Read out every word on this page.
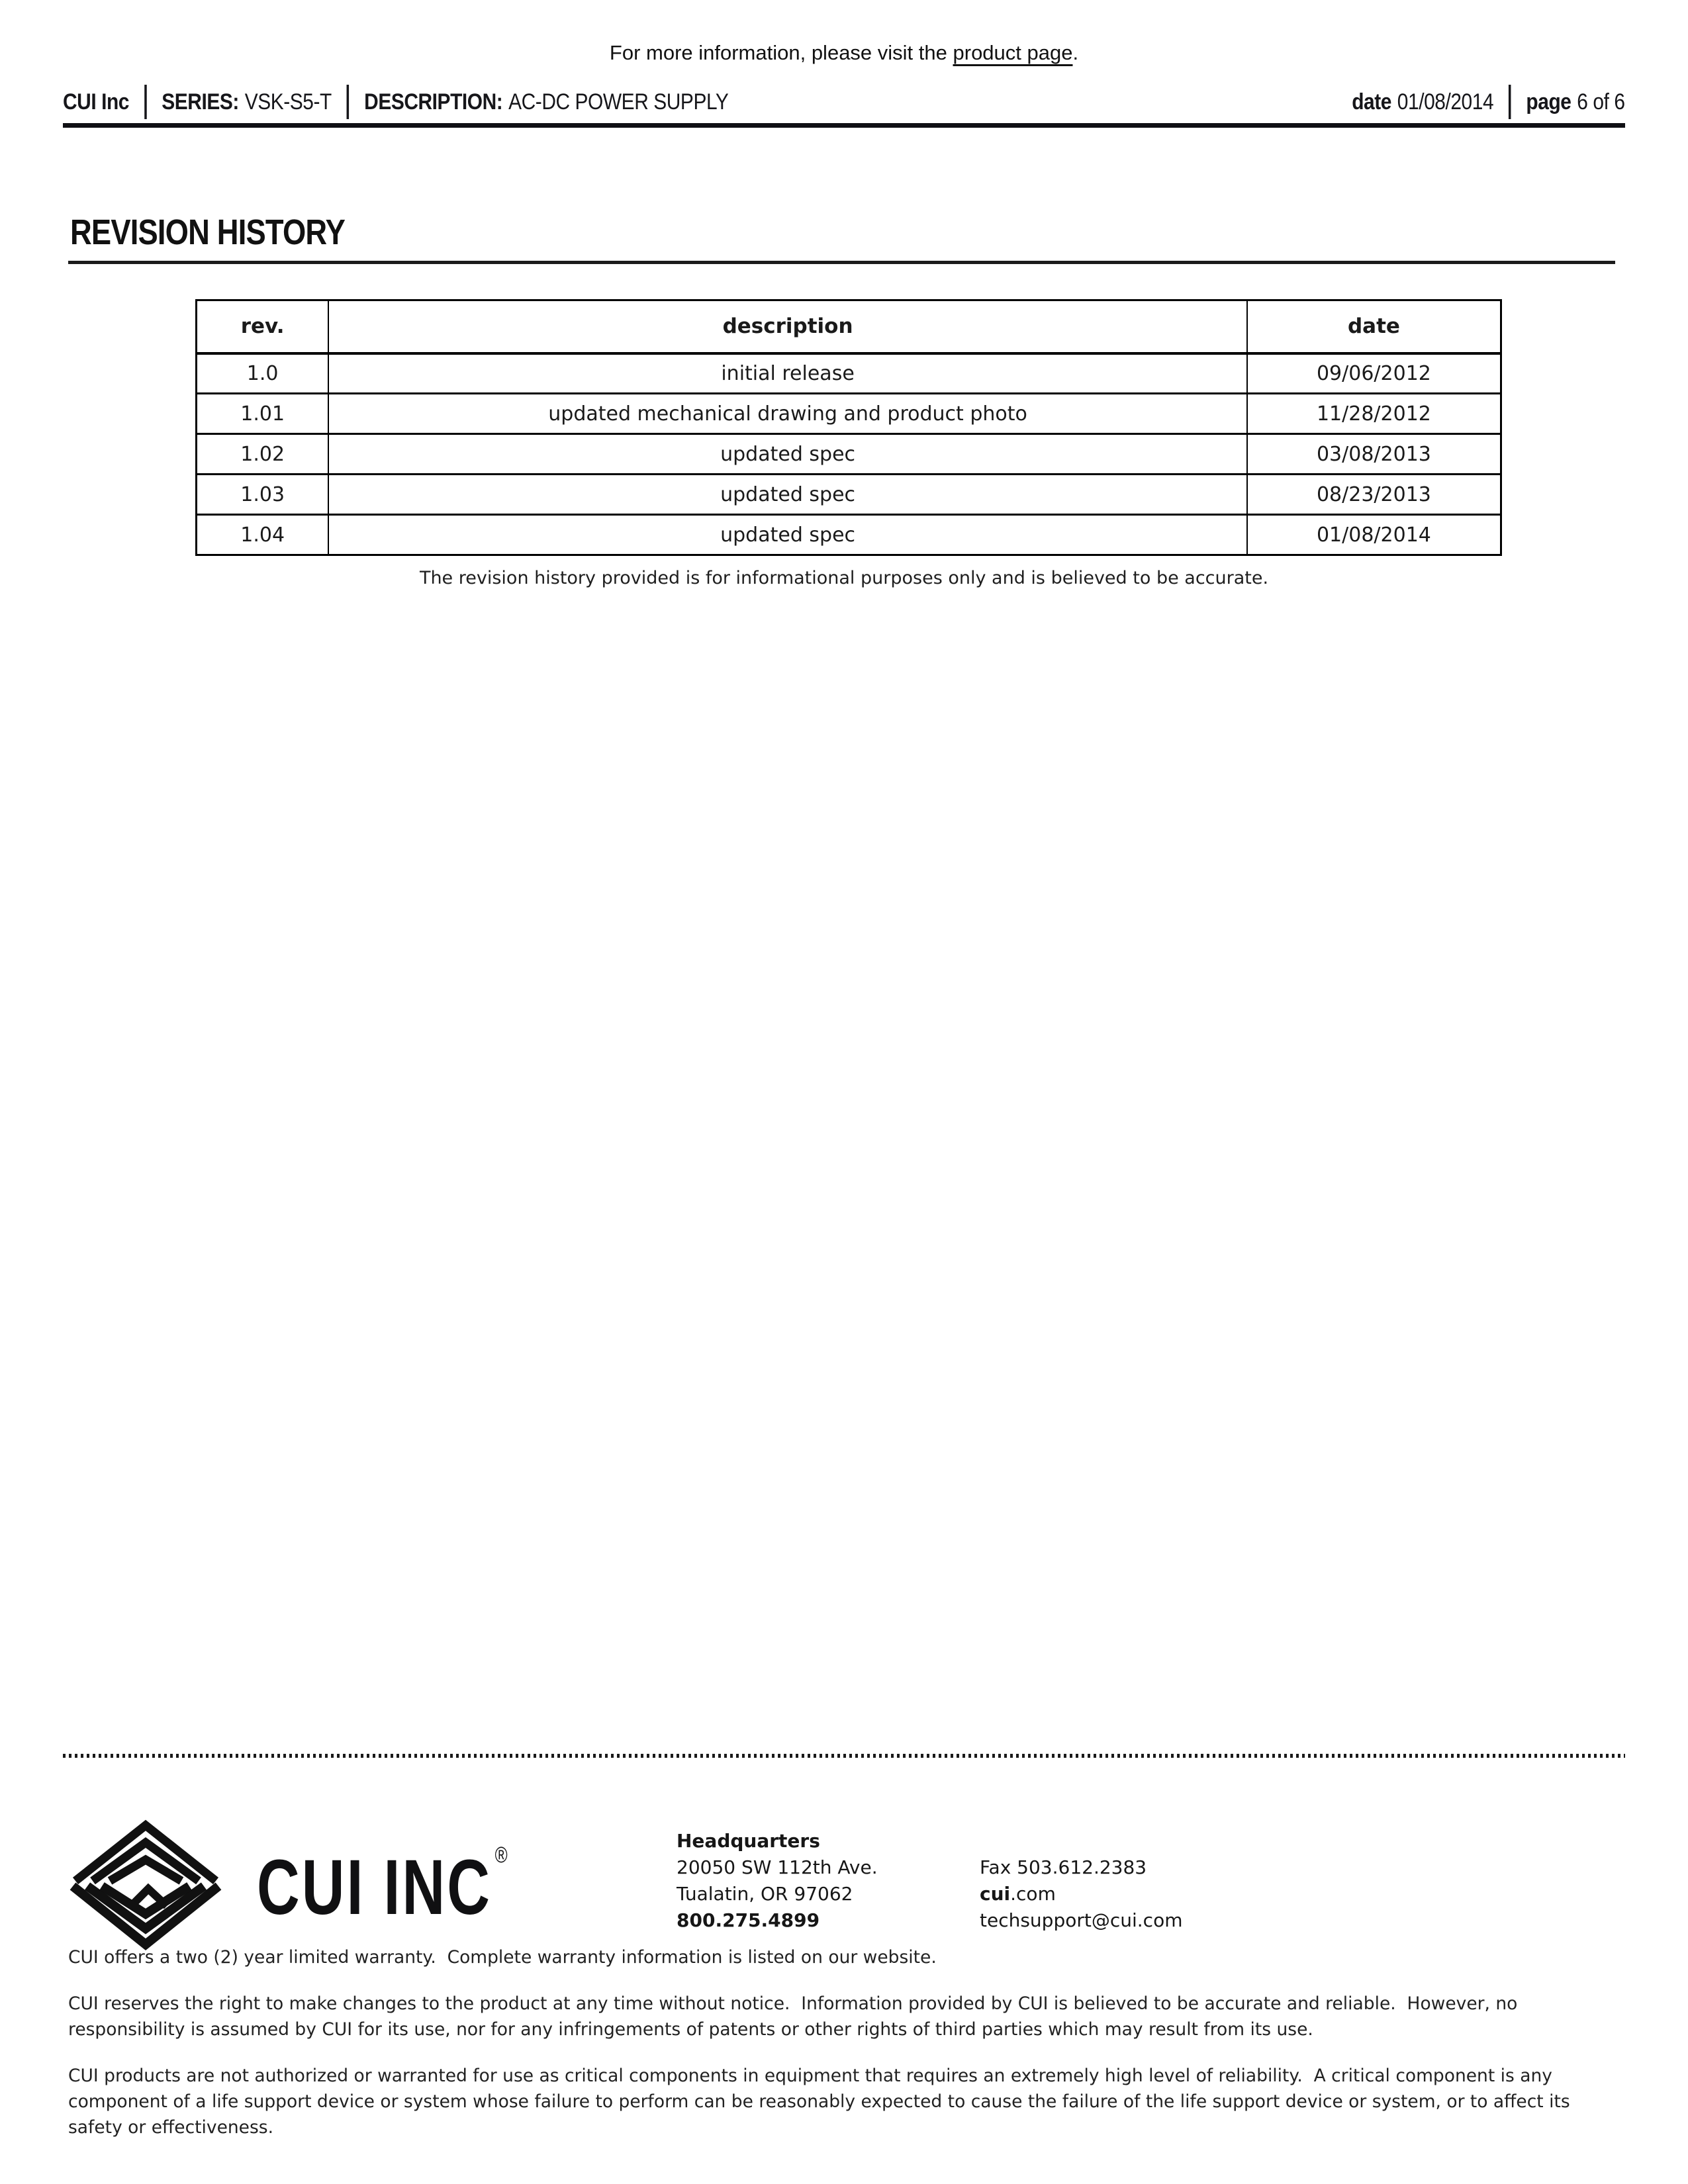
For more information, please visit the product page.
CUI Inc SERIES: VSK-S5-T DESCRIPTION: AC-DC POWER SUPPLY	date 01/08/2014 page 6 of 6
REVISION HISTORY
rev.	description	date
1.0	initial release	09/06/2012
1.01	updated mechanical drawing and product photo	11/28/2012
1.02	updated spec	03/08/2013
1.03	updated spec	08/23/2013
1.04	updated spec	01/08/2014
The revision history provided is for informational purposes only and is believed to be accurate.
CUI INC ®
Headquarters
20050 SW 112th Ave.
Tualatin, OR 97062
800.275.4899
Fax 503.612.2383
cui.com
techsupport@cui.com

CUI offers a two (2) year limited warranty.  Complete warranty information is listed on our website.

CUI reserves the right to make changes to the product at any time without notice.  Information provided by CUI is believed to be accurate and reliable.  However, no responsibility is assumed by CUI for its use, nor for any infringements of patents or other rights of third parties which may result from its use.

CUI products are not authorized or warranted for use as critical components in equipment that requires an extremely high level of reliability.  A critical component is any component of a life support device or system whose failure to perform can be reasonably expected to cause the failure of the life support device or system, or to affect its safety or effectiveness.
